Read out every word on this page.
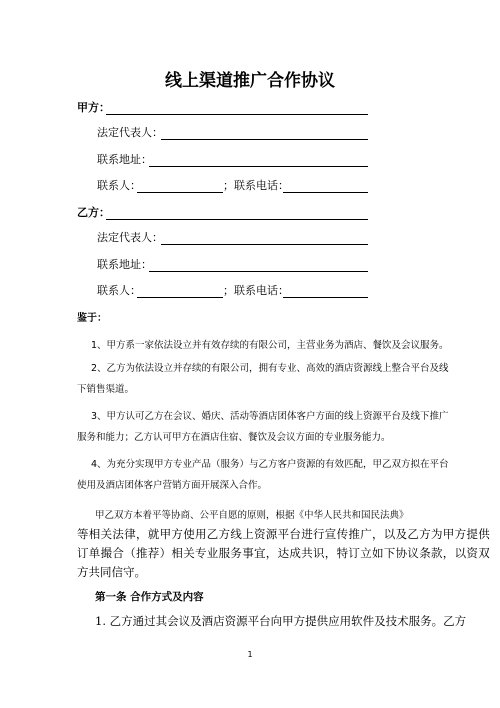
线上渠道推广合作协议
甲方：
法定代表人：
联系地址：
联系人：	；联系电话：
乙方：
法定代表人：
联系地址：
联系人：	；联系电话：
鉴于：
1、甲方系一家依法设立并有效存续的有限公司，主营业务为酒店、餐饮及会议服务。
2、乙方为依法设立并存续的有限公司，拥有专业、高效的酒店资源线上整合平台及线
下销售渠道。
3、甲方认可乙方在会议、婚庆、活动等酒店团体客户方面的线上资源平台及线下推广
服务和能力；乙方认可甲方在酒店住宿、餐饮及会议方面的专业服务能力。
4、为充分实现甲方专业产品（服务）与乙方客户资源的有效匹配，甲乙双方拟在平台
使用及酒店团体客户营销方面开展深入合作。
甲乙双方本着平等协商、公平自愿的原则，根据《中华人民共和国民法典》
等相关法律，就甲方使用乙方线上资源平台进行宣传推广，以及乙方为甲方提供
订单撮合（推荐）相关专业服务事宜，达成共识，特订立如下协议条款，以资双
方共同信守。
第一条 合作方式及内容
1. 乙方通过其会议及酒店资源平台向甲方提供应用软件及技术服务。乙方
1
